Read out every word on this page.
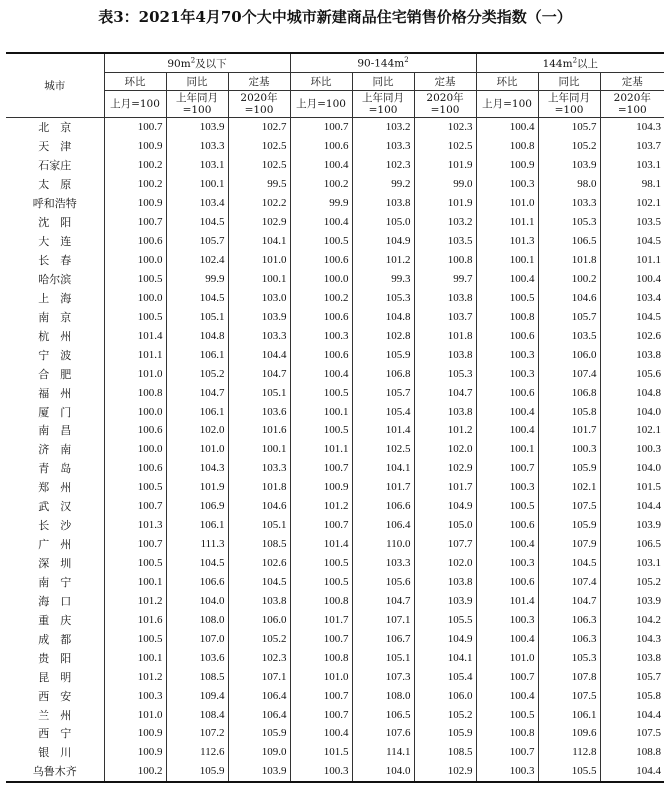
表3：2021年4月70个大中城市新建商品住宅销售价格分类指数（一）
城市	$90m^2$及以下			$90-144m^2$			$144m^2$以上		
	环比	同比	定基	环比	同比	定基	环比	同比	定基
	上月=100	上年同月=100	2020年=100	上月=100	上年同月=100	2020年=100	上月=100	上年同月=100	2020年=100
北　京	100.7	103.9	102.7	100.7	103.2	102.3	100.4	105.7	104.3
天　津	100.9	103.3	102.5	100.6	103.3	102.5	100.8	105.2	103.7
石家庄	100.2	103.1	102.5	100.4	102.3	101.9	100.9	103.9	103.1
太　原	100.2	100.1	99.5	100.2	99.2	99.0	100.3	98.0	98.1
呼和浩特	100.9	103.4	102.2	99.9	103.8	101.9	101.0	103.3	102.1
沈　阳	100.7	104.5	102.9	100.4	105.0	103.2	101.1	105.3	103.5
大　连	100.6	105.7	104.1	100.5	104.9	103.5	101.3	106.5	104.5
长　春	100.0	102.4	101.0	100.6	101.2	100.8	100.1	101.8	101.1
哈尔滨	100.5	99.9	100.1	100.0	99.3	99.7	100.4	100.2	100.4
上　海	100.0	104.5	103.0	100.2	105.3	103.8	100.5	104.6	103.4
南　京	100.5	105.1	103.9	100.6	104.8	103.7	100.8	105.7	104.5
杭　州	101.4	104.8	103.3	100.3	102.8	101.8	100.6	103.5	102.6
宁　波	101.1	106.1	104.4	100.6	105.9	103.8	100.3	106.0	103.8
合　肥	101.0	105.2	104.7	100.4	106.8	105.3	100.3	107.4	105.6
福　州	100.8	104.7	105.1	100.5	105.7	104.7	100.6	106.8	104.8
厦　门	100.0	106.1	103.6	100.1	105.4	103.8	100.4	105.8	104.0
南　昌	100.6	102.0	101.6	100.5	101.4	101.2	100.4	101.7	102.1
济　南	100.0	101.0	100.1	101.1	102.5	102.0	100.1	100.3	100.3
青　岛	100.6	104.3	103.3	100.7	104.1	102.9	100.7	105.9	104.0
郑　州	100.5	101.9	101.8	100.9	101.7	101.7	100.3	102.1	101.5
武　汉	100.7	106.9	104.6	101.2	106.6	104.9	100.5	107.5	104.4
长　沙	101.3	106.1	105.1	100.7	106.4	105.0	100.6	105.9	103.9
广　州	100.7	111.3	108.5	101.4	110.0	107.7	100.4	107.9	106.5
深　圳	100.5	104.5	102.6	100.5	103.3	102.0	100.3	104.5	103.1
南　宁	100.1	106.6	104.5	100.5	105.6	103.8	100.6	107.4	105.2
海　口	101.2	104.0	103.8	100.8	104.7	103.9	101.4	104.7	103.9
重　庆	101.6	108.0	106.0	101.7	107.1	105.5	100.3	106.3	104.2
成　都	100.5	107.0	105.2	100.7	106.7	104.9	100.4	106.3	104.3
贵　阳	100.1	103.6	102.3	100.8	105.1	104.1	101.0	105.3	103.8
昆　明	101.2	108.5	107.1	101.0	107.3	105.4	100.7	107.8	105.7
西　安	100.3	109.4	106.4	100.7	108.0	106.0	100.4	107.5	105.8
兰　州	101.0	108.4	106.4	100.7	106.5	105.2	100.5	106.1	104.4
西　宁	100.9	107.2	105.9	100.4	107.6	105.9	100.8	109.6	107.5
银　川	100.9	112.6	109.0	101.5	114.1	108.5	100.7	112.8	108.8
乌鲁木齐	100.2	105.9	103.9	100.3	104.0	102.9	100.3	105.5	104.4
